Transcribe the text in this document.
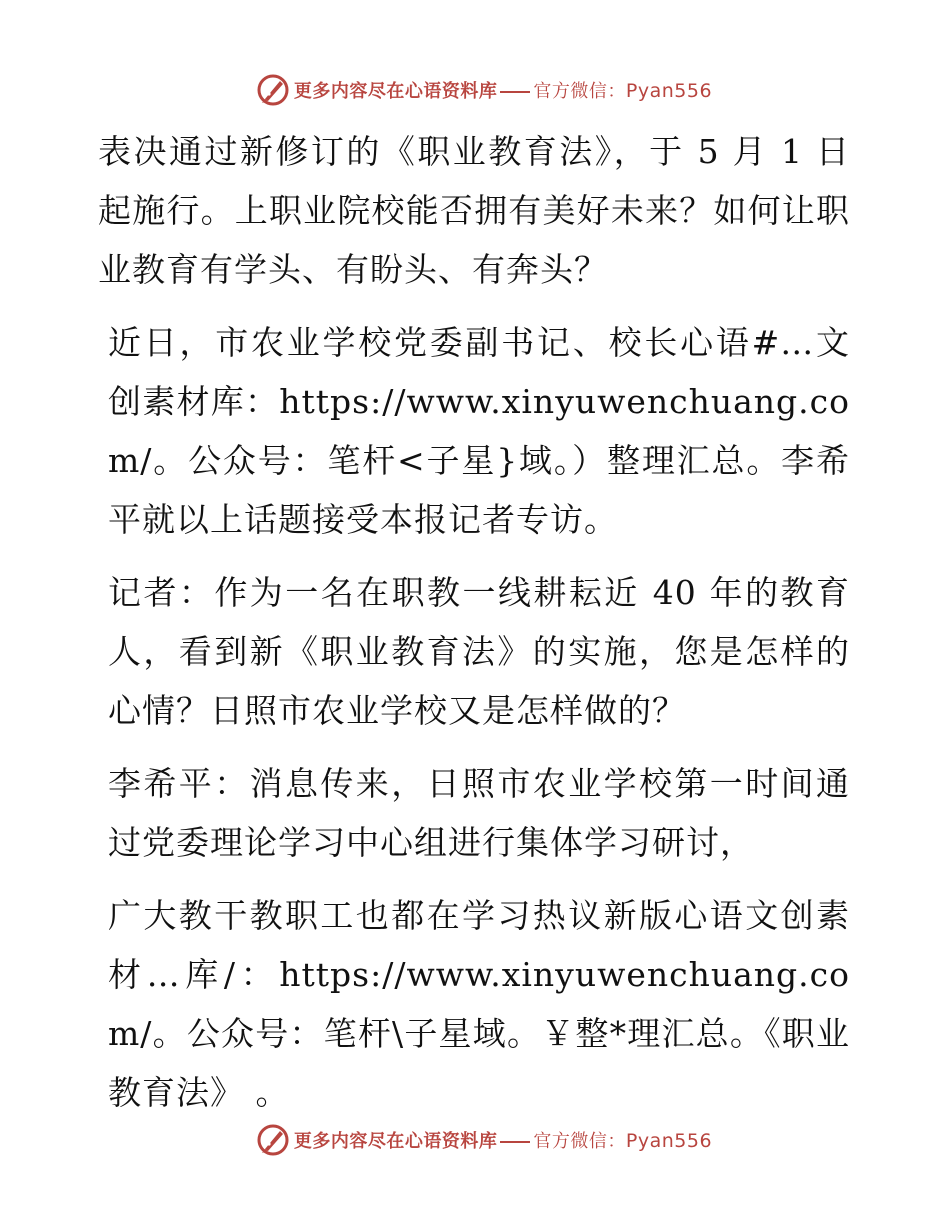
更多内容尽在心语资料库 官方微信：Pyan556

表决通过新修订的《职业教育法》，于 5 月 1 日起施行。上职业院校能否拥有美好未来？如何让职业教育有学头、有盼头、有奔头？

近日，市农业学校党委副书记、校长心语#…文创素材库：https://www.xinyuwenchuang.com/。公众号：笔杆<子星}域。）整理汇总。李希平就以上话题接受本报记者专访。

记者：作为一名在职教一线耕耘近 40 年的教育人，看到新《职业教育法》的实施，您是怎样的心情？日照市农业学校又是怎样做的？

李希平：消息传来，日照市农业学校第一时间通过党委理论学习中心组进行集体学习研讨，

广大教干教职工也都在学习热议新版心语文创素材…库/：https://www.xinyuwenchuang.com/。公众号：笔杆\子星域。￥整*理汇总。《职业教育法》 。

更多内容尽在心语资料库 官方微信：Pyan556
